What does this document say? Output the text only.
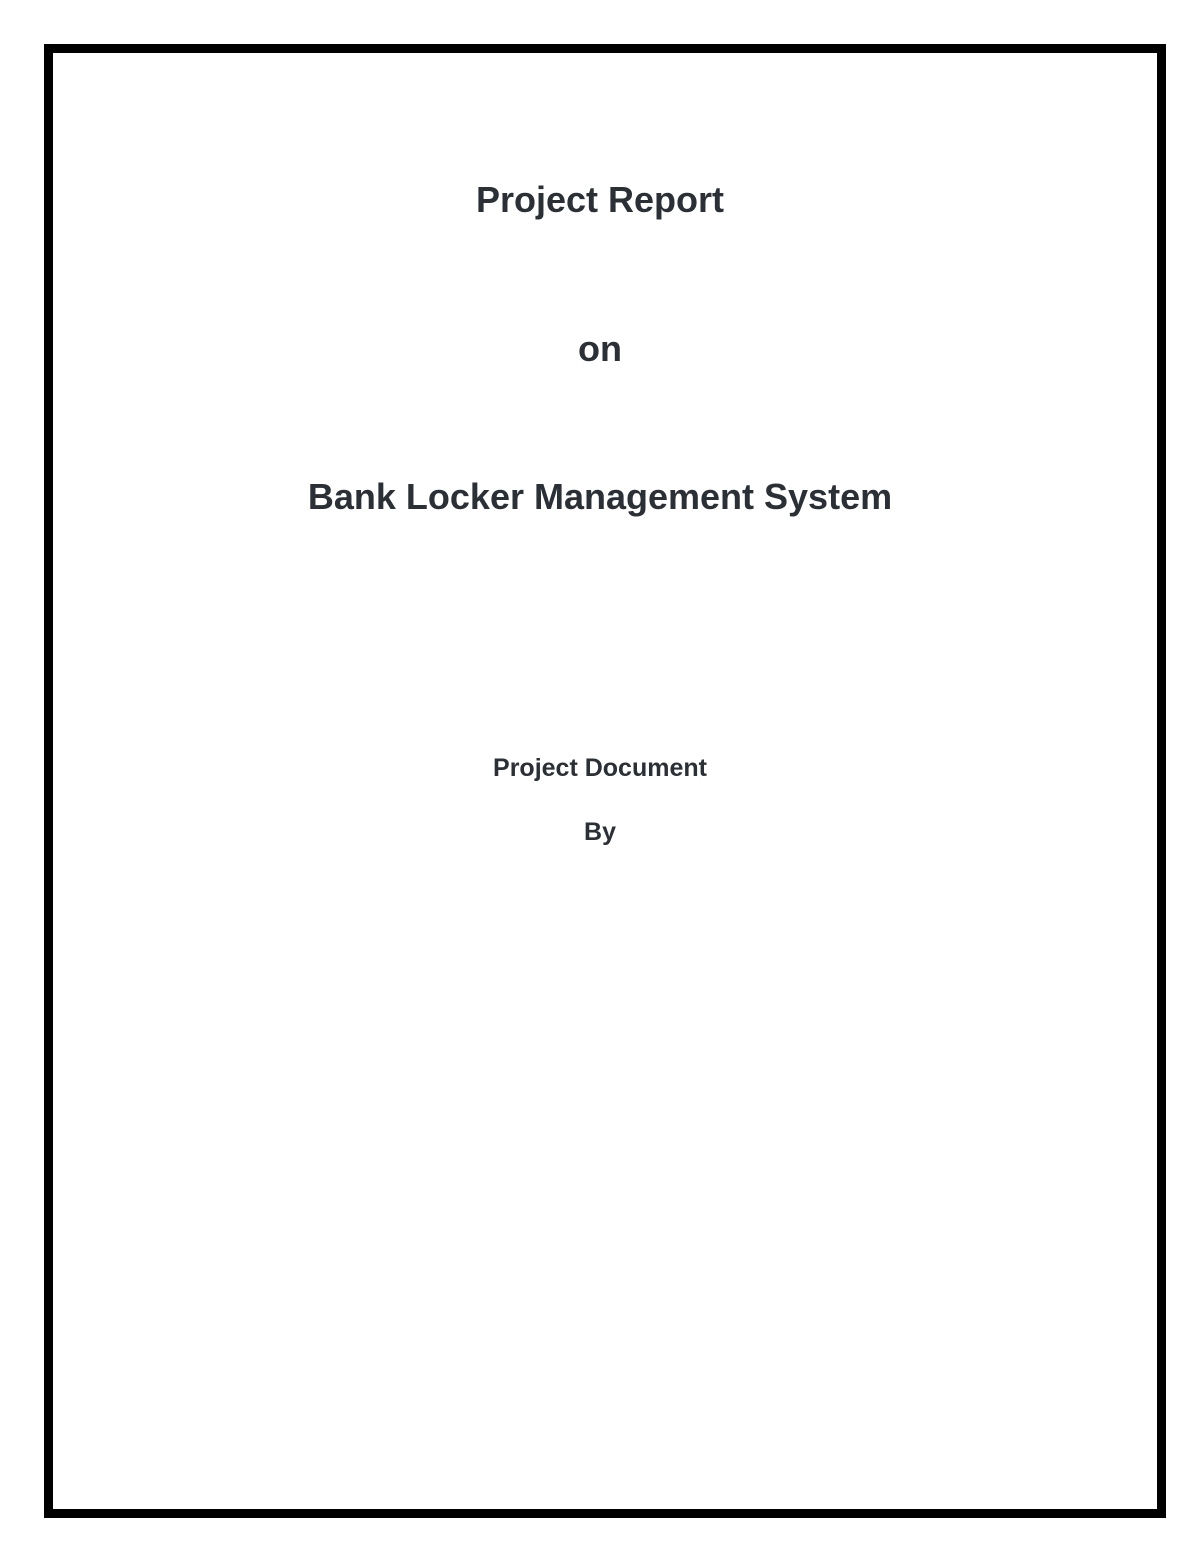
Project Report
on
Bank Locker Management System
Project Document
By
